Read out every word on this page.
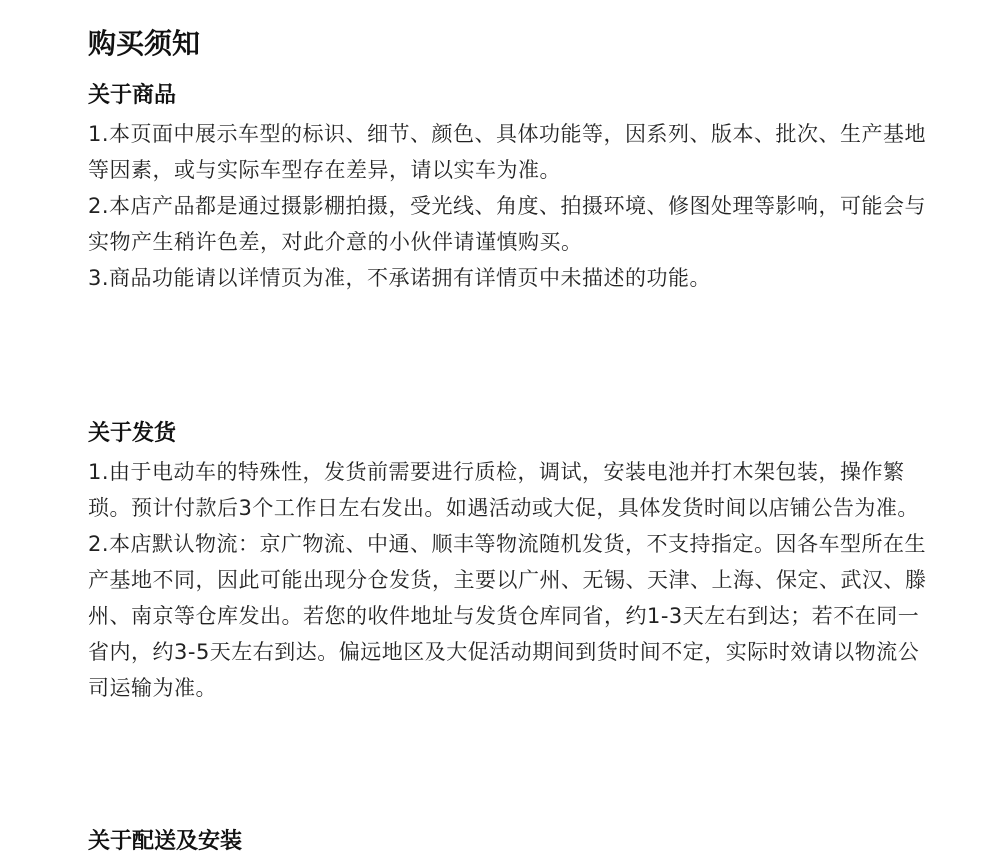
购买须知
关于商品

1.本页面中展示车型的标识、细节、颜色、具体功能等，因系列、版本、批次、生产基地等因素，或与实际车型存在差异，请以实车为准。

2.本店产品都是通过摄影棚拍摄，受光线、角度、拍摄环境、修图处理等影响，可能会与实物产生稍许色差，对此介意的小伙伴请谨慎购买。

3.商品功能请以详情页为准，不承诺拥有详情页中未描述的功能。

关于发货

1.由于电动车的特殊性，发货前需要进行质检，调试，安装电池并打木架包装，操作繁琐。预计付款后3个工作日左右发出。如遇活动或大促，具体发货时间以店铺公告为准。

2.本店默认物流：京广物流、中通、顺丰等物流随机发货，不支持指定。因各车型所在生产基地不同，因此可能出现分仓发货，主要以广州、无锡、天津、上海、保定、武汉、滕州、南京等仓库发出。若您的收件地址与发货仓库同省，约1-3天左右到达；若不在同一省内，约3-5天左右到达。偏远地区及大促活动期间到货时间不定，实际时效请以物流公司运输为准。

关于配送及安装
